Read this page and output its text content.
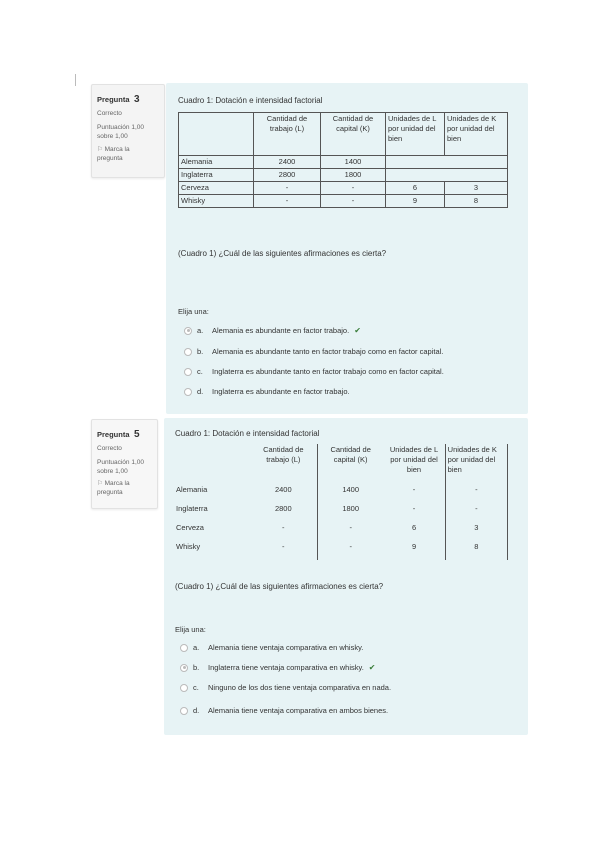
Pregunta 3
Correcto
Puntuación 1,00
sobre 1,00
⚐ Marca la
pregunta
Cuadro 1: Dotación e intensidad factorial
	Cantidad de trabajo (L)	Cantidad de capital (K)	Unidades de L por unidad del bien	Unidades de K por unidad del bien
Alemania	2400	1400		
Inglaterra	2800	1800		
Cerveza	-	-	6	3
Whisky	-	-	9	8
(Cuadro 1) ¿Cuál de las siguientes afirmaciones es cierta?
Elija una:
a.	Alemania es abundante en factor trabajo. ✔
b.	Alemania es abundante tanto en factor trabajo como en factor capital.
c.	Inglaterra es abundante tanto en factor trabajo como en factor capital.
d.	Inglaterra es abundante en factor trabajo.
Pregunta 5
Correcto
Puntuación 1,00
sobre 1,00
⚐ Marca la
pregunta
Cuadro 1: Dotación e intensidad factorial
	Cantidad de trabajo (L)	Cantidad de capital (K)	Unidades de L por unidad del bien	Unidades de K por unidad del bien
Alemania	2400	1400	-	-
Inglaterra	2800	1800	-	-
Cerveza	-	-	6	3
Whisky	-	-	9	8
(Cuadro 1) ¿Cuál de las siguientes afirmaciones es cierta?
Elija una:
a.	Alemania tiene ventaja comparativa en whisky.
b.	Inglaterra tiene ventaja comparativa en whisky. ✔
c.	Ninguno de los dos tiene ventaja comparativa en nada.
d.	Alemania tiene ventaja comparativa en ambos bienes.
